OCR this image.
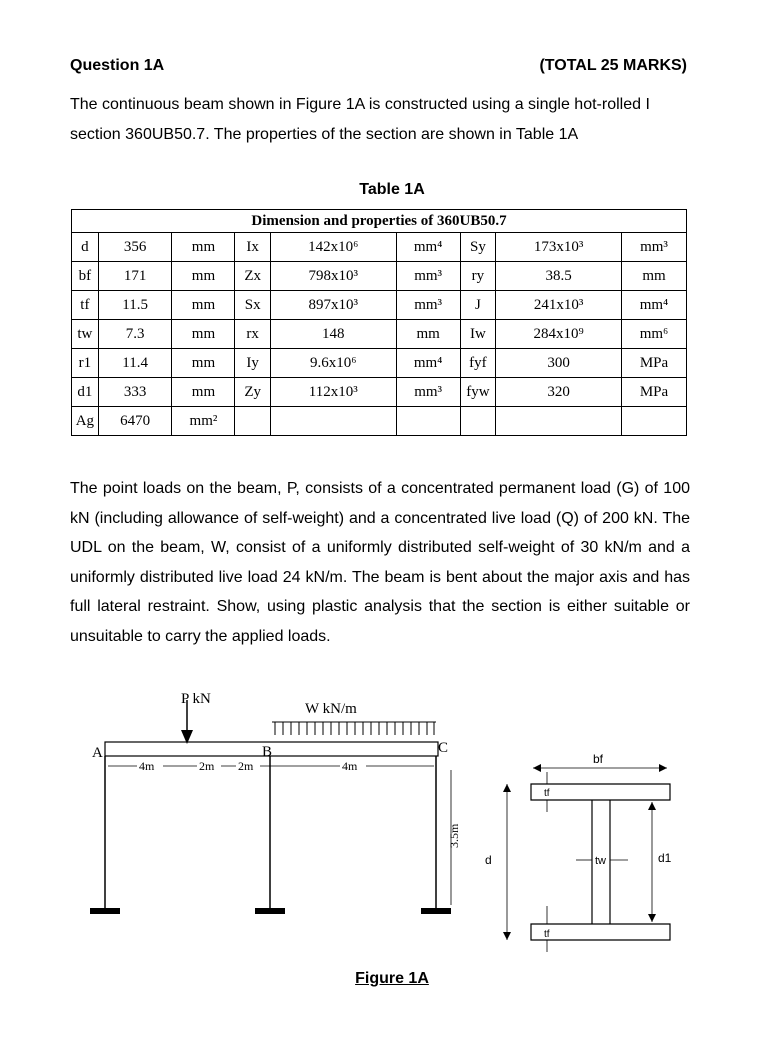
Question 1A	(TOTAL 25 MARKS)
The continuous beam shown in Figure 1A is constructed using a single hot-rolled I section 360UB50.7. The properties of the section are shown in Table 1A
Table 1A
Dimension and properties of 360UB50.7								
d	356	mm	Ix	142x10⁶	mm⁴	Sy	173x10³	mm³
bf	171	mm	Zx	798x10³	mm³	ry	38.5	mm
tf	11.5	mm	Sx	897x10³	mm³	J	241x10³	mm⁴
tw	7.3	mm	rx	148	mm	Iw	284x10⁹	mm⁶
r1	11.4	mm	Iy	9.6x10⁶	mm⁴	fyf	300	MPa
d1	333	mm	Zy	112x10³	mm³	fyw	320	MPa
Ag	6470	mm²						
The point loads on the beam, P, consists of a concentrated permanent load (G) of 100 kN (including allowance of self-weight) and a concentrated live load (Q) of 200 kN. The UDL on the beam, W, consist of a uniformly distributed self-weight of 30 kN/m and a uniformly distributed live load 24 kN/m. The beam is bent about the major axis and has full lateral restraint. Show, using plastic analysis that the section is either suitable or unsuitable to carry the applied loads.
P kN
W kN/m
A	B	C
4m	2m 2m	4m
3.5m
bf
tf
tf
tw
d	d1
Figure 1A
